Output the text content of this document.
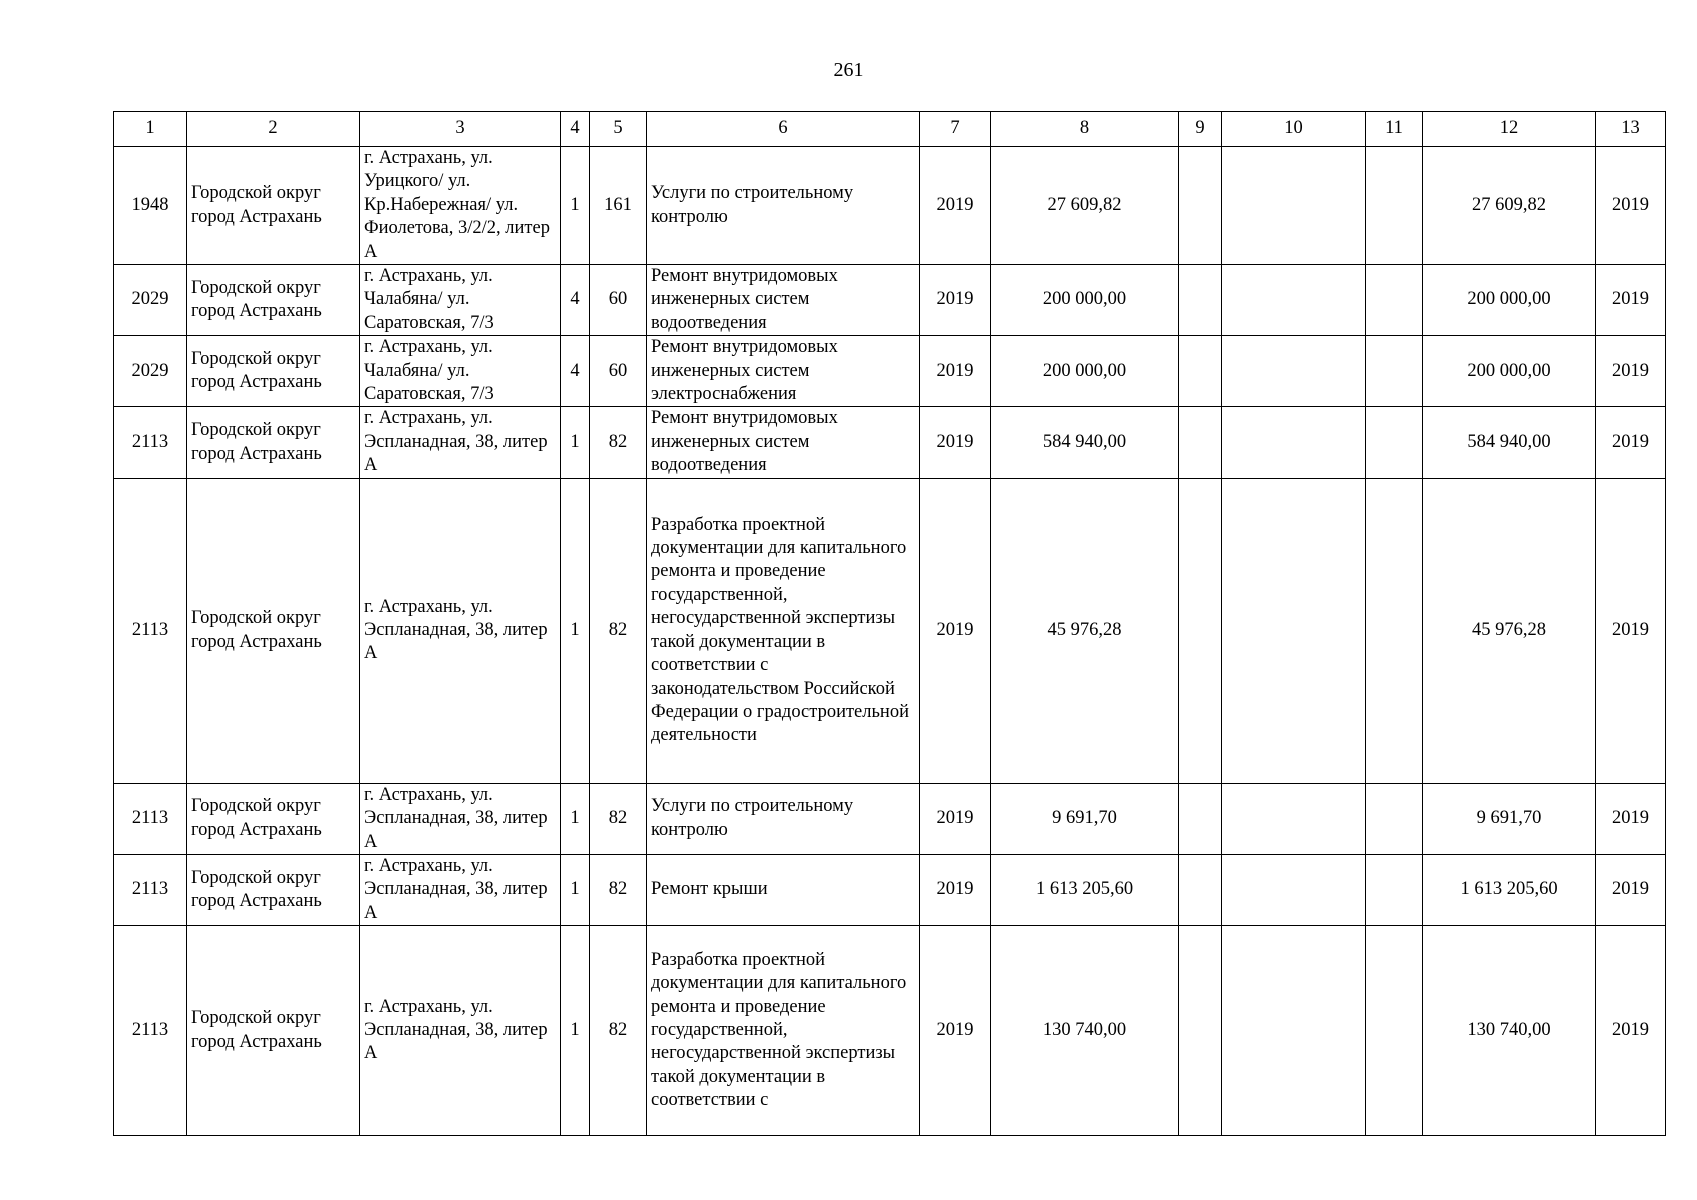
261
1	2	3	4	5	6	7	8	9	10	11	12	13
1948	Городской округ город Астрахань	г. Астрахань, ул. Урицкого/ ул. Кр.Набережная/ ул. Фиолетова, 3/2/2, литер А	1	161	Услуги по строительному контролю	2019	27 609,82				27 609,82	2019
2029	Городской округ город Астрахань	г. Астрахань, ул. Чалабяна/ ул. Саратовская, 7/3	4	60	Ремонт внутридомовых инженерных систем водоотведения	2019	200 000,00				200 000,00	2019
2029	Городской округ город Астрахань	г. Астрахань, ул. Чалабяна/ ул. Саратовская, 7/3	4	60	Ремонт внутридомовых инженерных систем электроснабжения	2019	200 000,00				200 000,00	2019
2113	Городской округ город Астрахань	г. Астрахань, ул. Эспланадная, 38, литер А	1	82	Ремонт внутридомовых инженерных систем водоотведения	2019	584 940,00				584 940,00	2019
2113	Городской округ город Астрахань	г. Астрахань, ул. Эспланадная, 38, литер А	1	82	Разработка проектной документации для капитального ремонта и проведение государственной, негосударственной экспертизы такой документации в соответствии с законодательством Российской Федерации о градостроительной деятельности	2019	45 976,28				45 976,28	2019
2113	Городской округ город Астрахань	г. Астрахань, ул. Эспланадная, 38, литер А	1	82	Услуги по строительному контролю	2019	9 691,70				9 691,70	2019
2113	Городской округ город Астрахань	г. Астрахань, ул. Эспланадная, 38, литер А	1	82	Ремонт крыши	2019	1 613 205,60				1 613 205,60	2019
2113	Городской округ город Астрахань	г. Астрахань, ул. Эспланадная, 38, литер А	1	82	Разработка проектной документации для капитального ремонта и проведение государственной, негосударственной экспертизы такой документации в соответствии с	2019	130 740,00				130 740,00	2019
